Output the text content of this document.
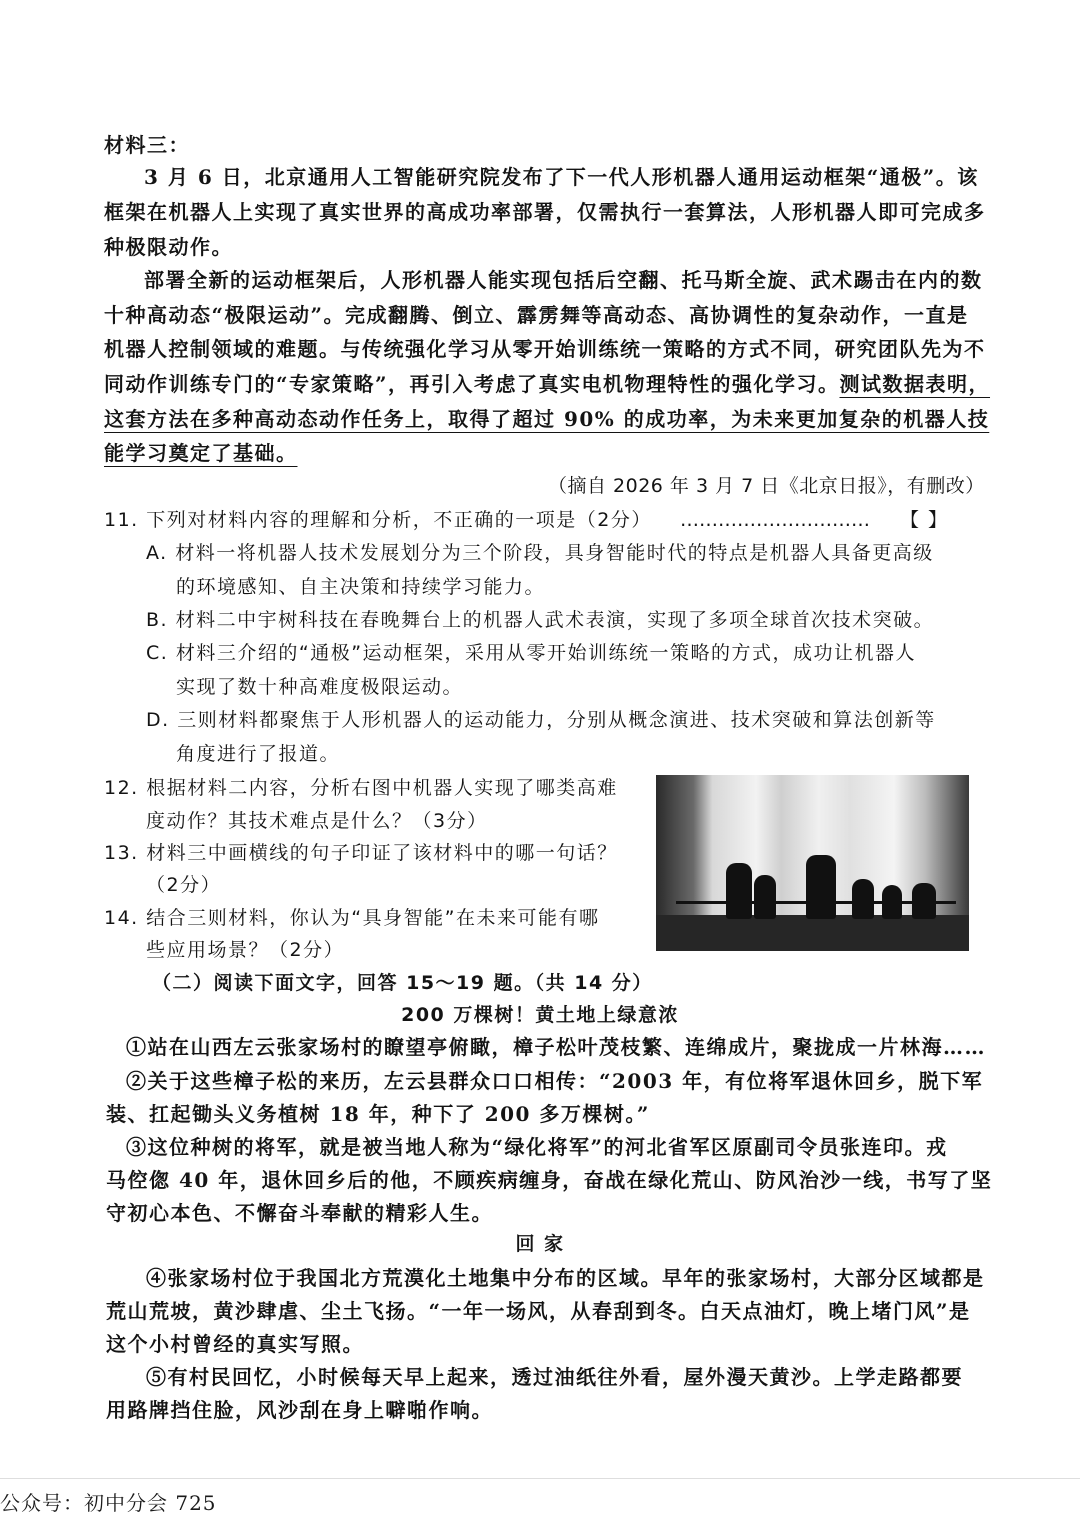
材料三：
3 月 6 日，北京通用人工智能研究院发布了下一代人形机器人通用运动框架“通极”。该
框架在机器人上实现了真实世界的高成功率部署，仅需执行一套算法，人形机器人即可完成多
种极限动作。
部署全新的运动框架后，人形机器人能实现包括后空翻、托马斯全旋、武术踢击在内的数
十种高动态“极限运动”。完成翻腾、倒立、霹雳舞等高动态、高协调性的复杂动作，一直是
机器人控制领域的难题。与传统强化学习从零开始训练统一策略的方式不同，研究团队先为不
同动作训练专门的“专家策略”，再引入考虑了真实电机物理特性的强化学习。测试数据表明，
这套方法在多种高动态动作任务上，取得了超过 90% 的成功率，为未来更加复杂的机器人技
能学习奠定了基础。
（摘自 2026 年 3 月 7 日《北京日报》，有删改）
11. 下列对材料内容的理解和分析，不正确的一项是（2分） ………………………… 【 】
A. 材料一将机器人技术发展划分为三个阶段，具身智能时代的特点是机器人具备更高级
的环境感知、自主决策和持续学习能力。
B. 材料二中宇树科技在春晚舞台上的机器人武术表演，实现了多项全球首次技术突破。
C. 材料三介绍的“通极”运动框架，采用从零开始训练统一策略的方式，成功让机器人
实现了数十种高难度极限运动。
D. 三则材料都聚焦于人形机器人的运动能力，分别从概念演进、技术突破和算法创新等
角度进行了报道。
12. 根据材料二内容，分析右图中机器人实现了哪类高难
度动作？其技术难点是什么？（3分）
13. 材料三中画横线的句子印证了该材料中的哪一句话？
（2分）
14. 结合三则材料，你认为“具身智能”在未来可能有哪
些应用场景？（2分）
（二）阅读下面文字，回答 15～19 题。（共 14 分）
200 万棵树！黄土地上绿意浓
①站在山西左云张家场村的瞭望亭俯瞰，樟子松叶茂枝繁、连绵成片，聚拢成一片林海……
②关于这些樟子松的来历，左云县群众口口相传：“2003 年，有位将军退休回乡，脱下军
装、扛起锄头义务植树 18 年，种下了 200 多万棵树。”
③这位种树的将军，就是被当地人称为“绿化将军”的河北省军区原副司令员张连印。戎
马倥偬 40 年，退休回乡后的他，不顾疾病缠身，奋战在绿化荒山、防风治沙一线，书写了坚
守初心本色、不懈奋斗奉献的精彩人生。
回 家
④张家场村位于我国北方荒漠化土地集中分布的区域。早年的张家场村，大部分区域都是
荒山荒坡，黄沙肆虐、尘土飞扬。“一年一场风，从春刮到冬。白天点油灯，晚上堵门风”是
这个小村曾经的真实写照。
⑤有村民回忆，小时候每天早上起来，透过油纸往外看，屋外漫天黄沙。上学走路都要
用路牌挡住脸，风沙刮在身上噼啪作响。
公众号：初中分会 725
